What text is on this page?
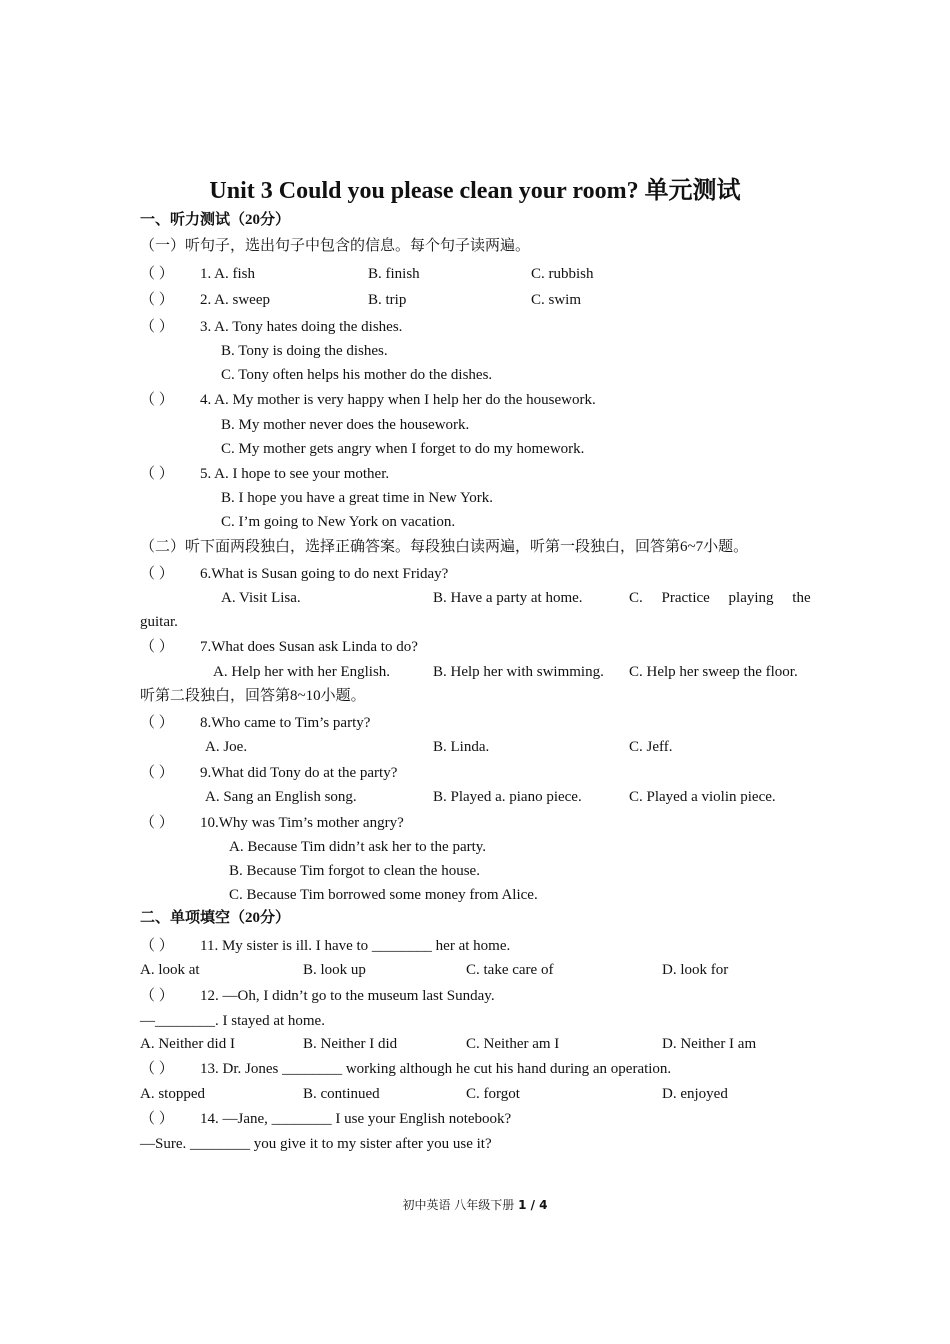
Unit 3 Could you please clean your room? 单元测试
一、听力测试（20分）
（一）听句子，选出句子中包含的信息。每个句子读两遍。
（ ） 1. A. fish	B. finish	C. rubbish
（ ） 2. A. sweep	B. trip	C. swim
（ ） 3. A. Tony hates doing the dishes.
B. Tony is doing the dishes.
C. Tony often helps his mother do the dishes.
（ ） 4. A. My mother is very happy when I help her do the housework.
B. My mother never does the housework.
C. My mother gets angry when I forget to do my homework.
（ ） 5. A. I hope to see your mother.
B. I hope you have a great time in New York.
C. I’m going to New York on vacation.
（二）听下面两段独白，选择正确答案。每段独白读两遍，听第一段独白，回答第6~7小题。
（ ） 6.What is Susan going to do next Friday?
A. Visit Lisa.	B. Have a party at home.	C.     Practice     playing     the
guitar.
（ ） 7.What does Susan ask Linda to do?
A. Help her with her English.	B. Help her with swimming. C. Help her sweep the floor.
听第二段独白，回答第8~10小题。
（ ） 8.Who came to Tim’s party?
A. Joe.	B. Linda.	C. Jeff.
（ ） 9.What did Tony do at the party?
A. Sang an English song.	B. Played a. piano piece.	C. Played a violin piece.
（ ） 10.Why was Tim’s mother angry?
A. Because Tim didn’t ask her to the party.
B. Because Tim forgot to clean the house.
C. Because Tim borrowed some money from Alice.
二、单项填空（20分）
（ ） 11. My sister is ill. I have to ________ her at home.
A. look at	B. look up	C. take care of	D. look for
（ ） 12. —Oh, I didn’t go to the museum last Sunday.
—________. I stayed at home.
A. Neither did I	B. Neither I did	C. Neither am I	D. Neither I am
（ ） 13. Dr. Jones ________ working although he cut his hand during an operation.
A. stopped	B. continued	C. forgot	D. enjoyed
（ ） 14. —Jane, ________ I use your English notebook?
—Sure. ________ you give it to my sister after you use it?
初中英语 八年级下册 1 / 4
